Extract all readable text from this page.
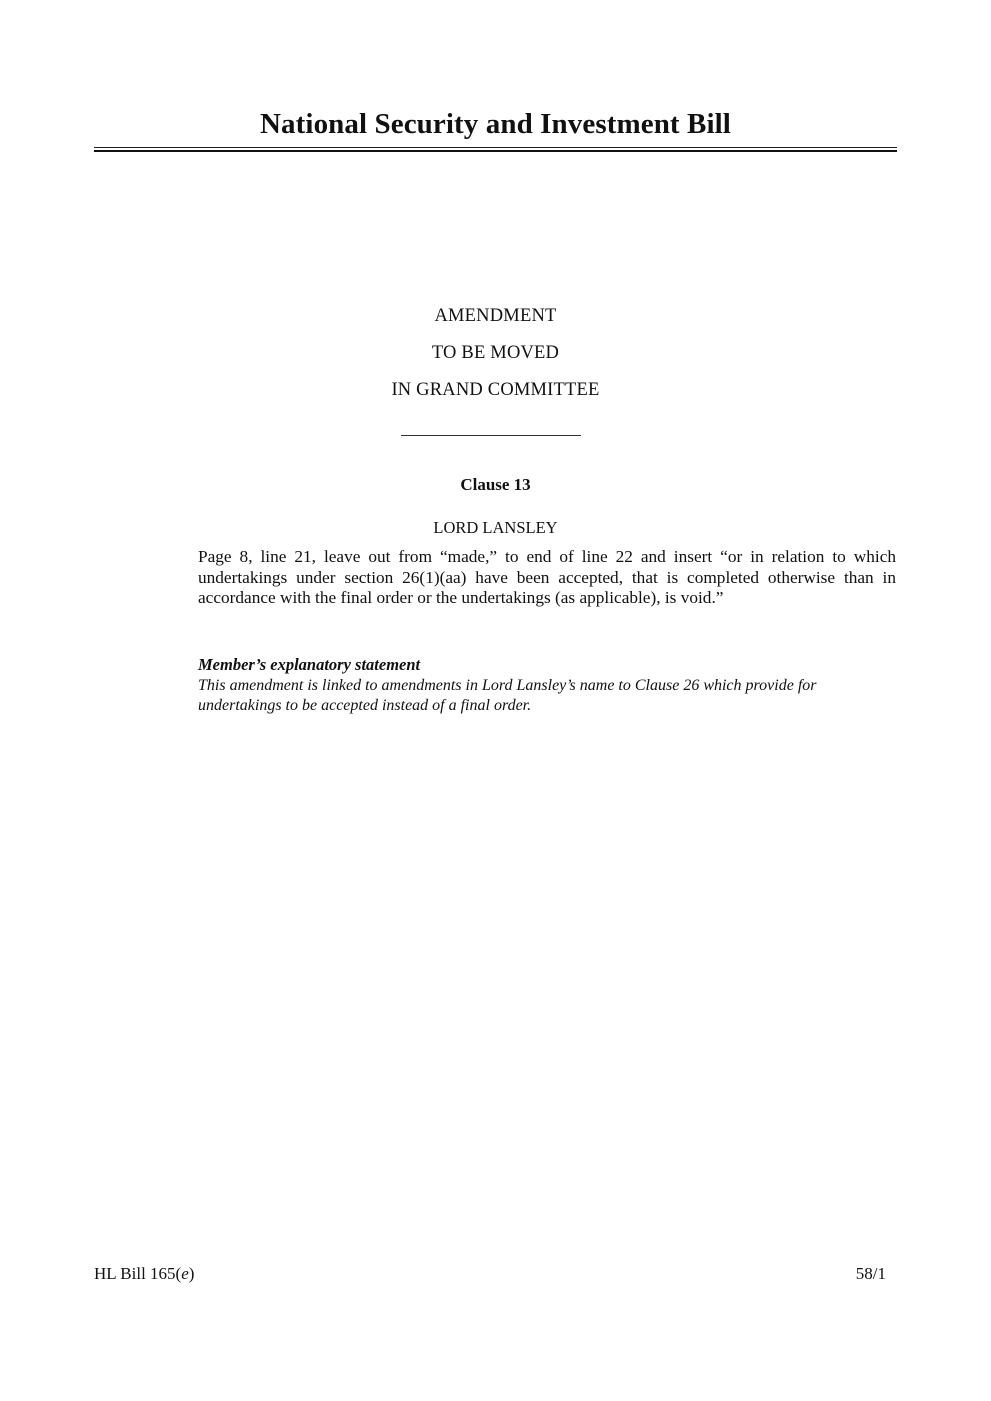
National Security and Investment Bill
AMENDMENT
TO BE MOVED
IN GRAND COMMITTEE
Clause 13
LORD LANSLEY
Page 8, line 21, leave out from “made,” to end of line 22 and insert “or in relation to which undertakings under section 26(1)(aa) have been accepted, that is completed otherwise than in accordance with the final order or the undertakings (as applicable), is void.”
Member’s explanatory statement
This amendment is linked to amendments in Lord Lansley’s name to Clause 26 which provide for undertakings to be accepted instead of a final order.
HL Bill 165(e)	58/1
